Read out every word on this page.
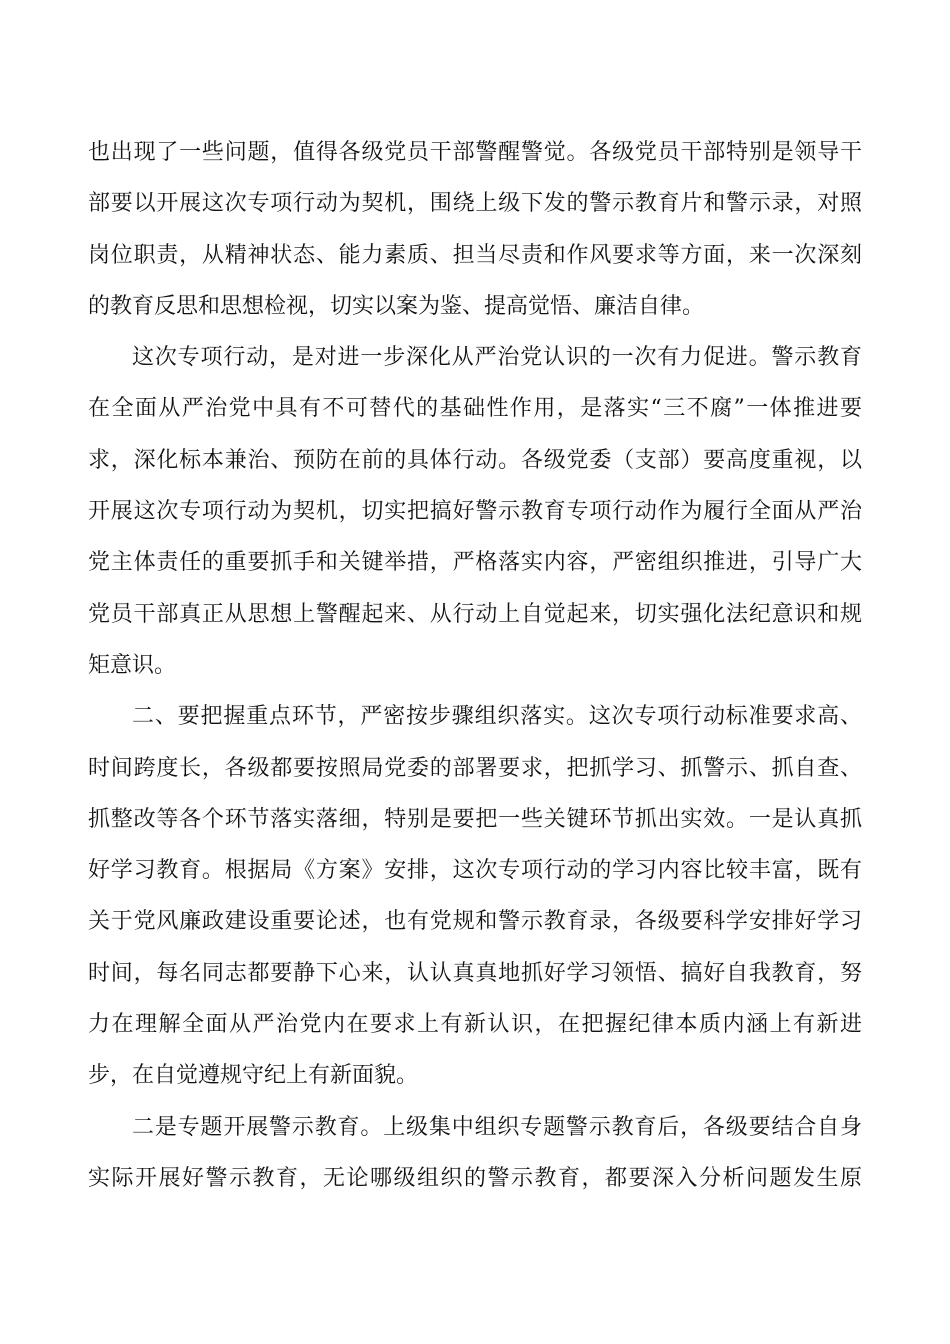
也出现了一些问题，值得各级党员干部警醒警觉。各级党员干部特别是领导干
部要以开展这次专项行动为契机，围绕上级下发的警示教育片和警示录，对照
岗位职责，从精神状态、能力素质、担当尽责和作风要求等方面，来一次深刻
的教育反思和思想检视，切实以案为鉴、提高觉悟、廉洁自律。
这次专项行动，是对进一步深化从严治党认识的一次有力促进。警示教育
在全面从严治党中具有不可替代的基础性作用，是落实“三不腐”一体推进要
求，深化标本兼治、预防在前的具体行动。各级党委（支部）要高度重视，以
开展这次专项行动为契机，切实把搞好警示教育专项行动作为履行全面从严治
党主体责任的重要抓手和关键举措，严格落实内容，严密组织推进，引导广大
党员干部真正从思想上警醒起来、从行动上自觉起来，切实强化法纪意识和规
矩意识。
二、要把握重点环节，严密按步骤组织落实。这次专项行动标准要求高、
时间跨度长，各级都要按照局党委的部署要求，把抓学习、抓警示、抓自查、
抓整改等各个环节落实落细，特别是要把一些关键环节抓出实效。一是认真抓
好学习教育。根据局《方案》安排，这次专项行动的学习内容比较丰富，既有
关于党风廉政建设重要论述，也有党规和警示教育录，各级要科学安排好学习
时间，每名同志都要静下心来，认认真真地抓好学习领悟、搞好自我教育，努
力在理解全面从严治党内在要求上有新认识，在把握纪律本质内涵上有新进
步，在自觉遵规守纪上有新面貌。
二是专题开展警示教育。上级集中组织专题警示教育后，各级要结合自身
实际开展好警示教育，无论哪级组织的警示教育，都要深入分析问题发生原
